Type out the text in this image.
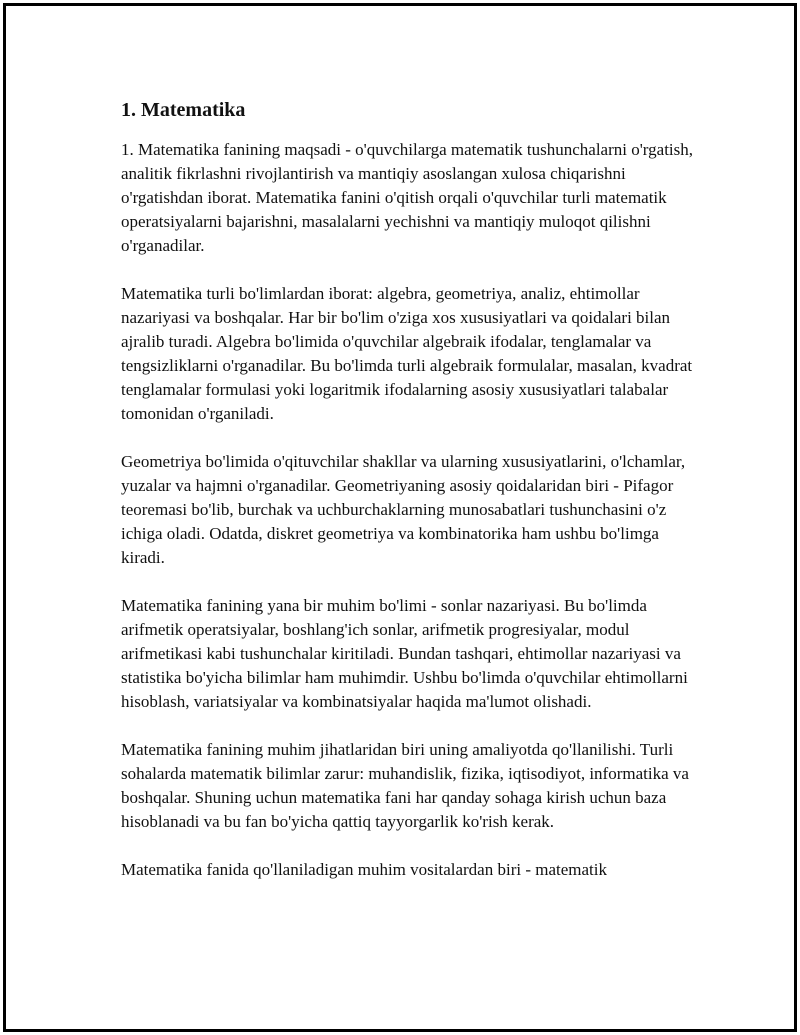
1. Matematika

1. Matematika fanining maqsadi - o'quvchilarga matematik tushunchalarni o'rgatish, analitik fikrlashni rivojlantirish va mantiqiy asoslangan xulosa chiqarishni o'rgatishdan iborat. Matematika fanini o'qitish orqali o'quvchilar turli matematik operatsiyalarni bajarishni, masalalarni yechishni va mantiqiy muloqot qilishni o'rganadilar.

Matematika turli bo'limlardan iborat: algebra, geometriya, analiz, ehtimollar nazariyasi va boshqalar. Har bir bo'lim o'ziga xos xususiyatlari va qoidalari bilan ajralib turadi. Algebra bo'limida o'quvchilar algebraik ifodalar, tenglamalar va tengsizliklarni o'rganadilar. Bu bo'limda turli algebraik formulalar, masalan, kvadrat tenglamalar formulasi yoki logaritmik ifodalarning asosiy xususiyatlari talabalar tomonidan o'rganiladi.

Geometriya bo'limida o'qituvchilar shakllar va ularning xususiyatlarini, o'lchamlar, yuzalar va hajmni o'rganadilar. Geometriyaning asosiy qoidalaridan biri - Pifagor teoremasi bo'lib, burchak va uchburchaklarning munosabatlari tushunchasini o'z ichiga oladi. Odatda, diskret geometriya va kombinatorika ham ushbu bo'limga kiradi.

Matematika fanining yana bir muhim bo'limi - sonlar nazariyasi. Bu bo'limda arifmetik operatsiyalar, boshlang'ich sonlar, arifmetik progresiyalar, modul arifmetikasi kabi tushunchalar kiritiladi. Bundan tashqari, ehtimollar nazariyasi va statistika bo'yicha bilimlar ham muhimdir. Ushbu bo'limda o'quvchilar ehtimollarni hisoblash, variatsiyalar va kombinatsiyalar haqida ma'lumot olishadi.

Matematika fanining muhim jihatlaridan biri uning amaliyotda qo'llanilishi. Turli sohalarda matematik bilimlar zarur: muhandislik, fizika, iqtisodiyot, informatika va boshqalar. Shuning uchun matematika fani har qanday sohaga kirish uchun baza hisoblanadi va bu fan bo'yicha qattiq tayyorgarlik ko'rish kerak.

Matematika fanida qo'llaniladigan muhim vositalardan biri - matematik
